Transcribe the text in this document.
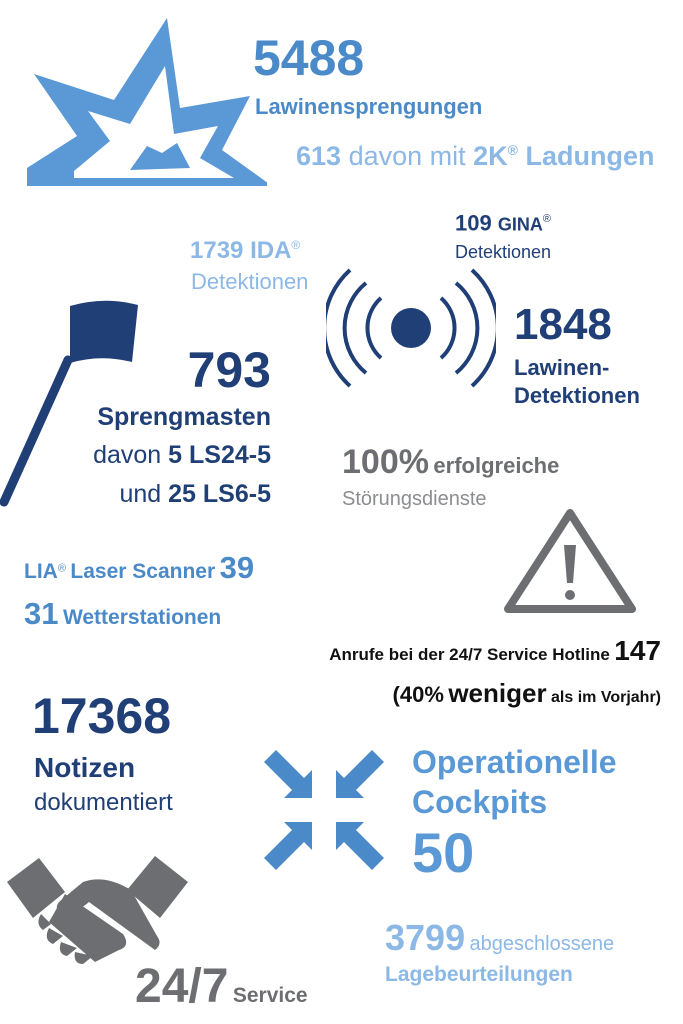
5488
Lawinensprengungen
613 davon mit 2K® Ladungen
1739 IDA®
Detektionen
109 GINA®
Detektionen
1848
Lawinen-
Detektionen
793
Sprengmasten
davon 5 LS24-5
und 25 LS6-5
100% erfolgreiche
Störungsdienste
LIA® Laser Scanner 39
31 Wetterstationen
Anrufe bei der 24/7 Service Hotline 147
(40% weniger als im Vorjahr)
17368
Notizen
dokumentiert
Operationelle
Cockpits
50
3799 abgeschlossene
Lagebeurteilungen
24/7 Service
